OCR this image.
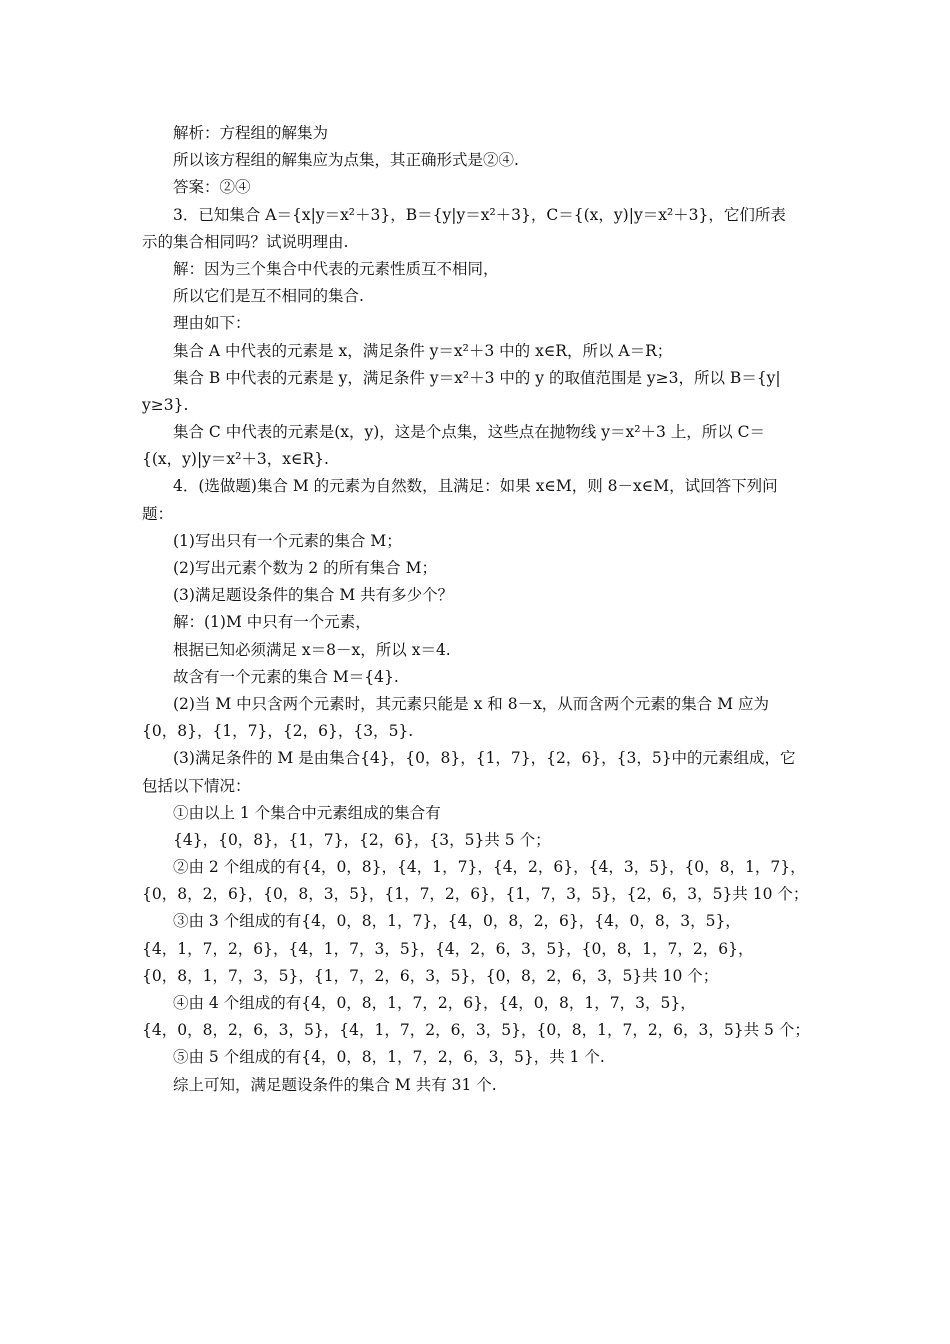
解析：方程组的解集为
所以该方程组的解集应为点集，其正确形式是②④.
答案：②④
3．已知集合 A＝{x|y＝x²＋3}，B＝{y|y＝x²＋3}，C＝{(x，y)|y＝x²＋3}，它们所表
示的集合相同吗？试说明理由.
解：因为三个集合中代表的元素性质互不相同，
所以它们是互不相同的集合.
理由如下：
集合 A 中代表的元素是 x，满足条件 y＝x²＋3 中的 x∈R，所以 A＝R；
集合 B 中代表的元素是 y，满足条件 y＝x²＋3 中的 y 的取值范围是 y≥3，所以 B＝{y|
y≥3}.
集合 C 中代表的元素是(x，y)，这是个点集，这些点在抛物线 y＝x²＋3 上，所以 C＝
{(x，y)|y＝x²＋3，x∈R}.
4．(选做题)集合 M 的元素为自然数，且满足：如果 x∈M，则 8－x∈M，试回答下列问
题：
(1)写出只有一个元素的集合 M；
(2)写出元素个数为 2 的所有集合 M；
(3)满足题设条件的集合 M 共有多少个？
解：(1)M 中只有一个元素，
根据已知必须满足 x＝8－x，所以 x＝4.
故含有一个元素的集合 M＝{4}.
(2)当 M 中只含两个元素时，其元素只能是 x 和 8－x，从而含两个元素的集合 M 应为
{0，8}，{1，7}，{2，6}，{3，5}.
(3)满足条件的 M 是由集合{4}，{0，8}，{1，7}，{2，6}，{3，5}中的元素组成，它
包括以下情况：
①由以上 1 个集合中元素组成的集合有
{4}，{0，8}，{1，7}，{2，6}，{3，5}共 5 个；
②由 2 个组成的有{4，0，8}，{4，1，7}，{4，2，6}，{4，3，5}，{0，8，1，7}，
{0，8，2，6}，{0，8，3，5}，{1，7，2，6}，{1，7，3，5}，{2，6，3，5}共 10 个；
③由 3 个组成的有{4，0，8，1，7}，{4，0，8，2，6}，{4，0，8，3，5}，
{4，1，7，2，6}，{4，1，7，3，5}，{4，2，6，3，5}，{0，8，1，7，2，6}，
{0，8，1，7，3，5}，{1，7，2，6，3，5}，{0，8，2，6，3，5}共 10 个；
④由 4 个组成的有{4，0，8，1，7，2，6}，{4，0，8，1，7，3，5}，
{4，0，8，2，6，3，5}，{4，1，7，2，6，3，5}，{0，8，1，7，2，6，3，5}共 5 个；
⑤由 5 个组成的有{4，0，8，1，7，2，6，3，5}，共 1 个.
综上可知，满足题设条件的集合 M 共有 31 个.
